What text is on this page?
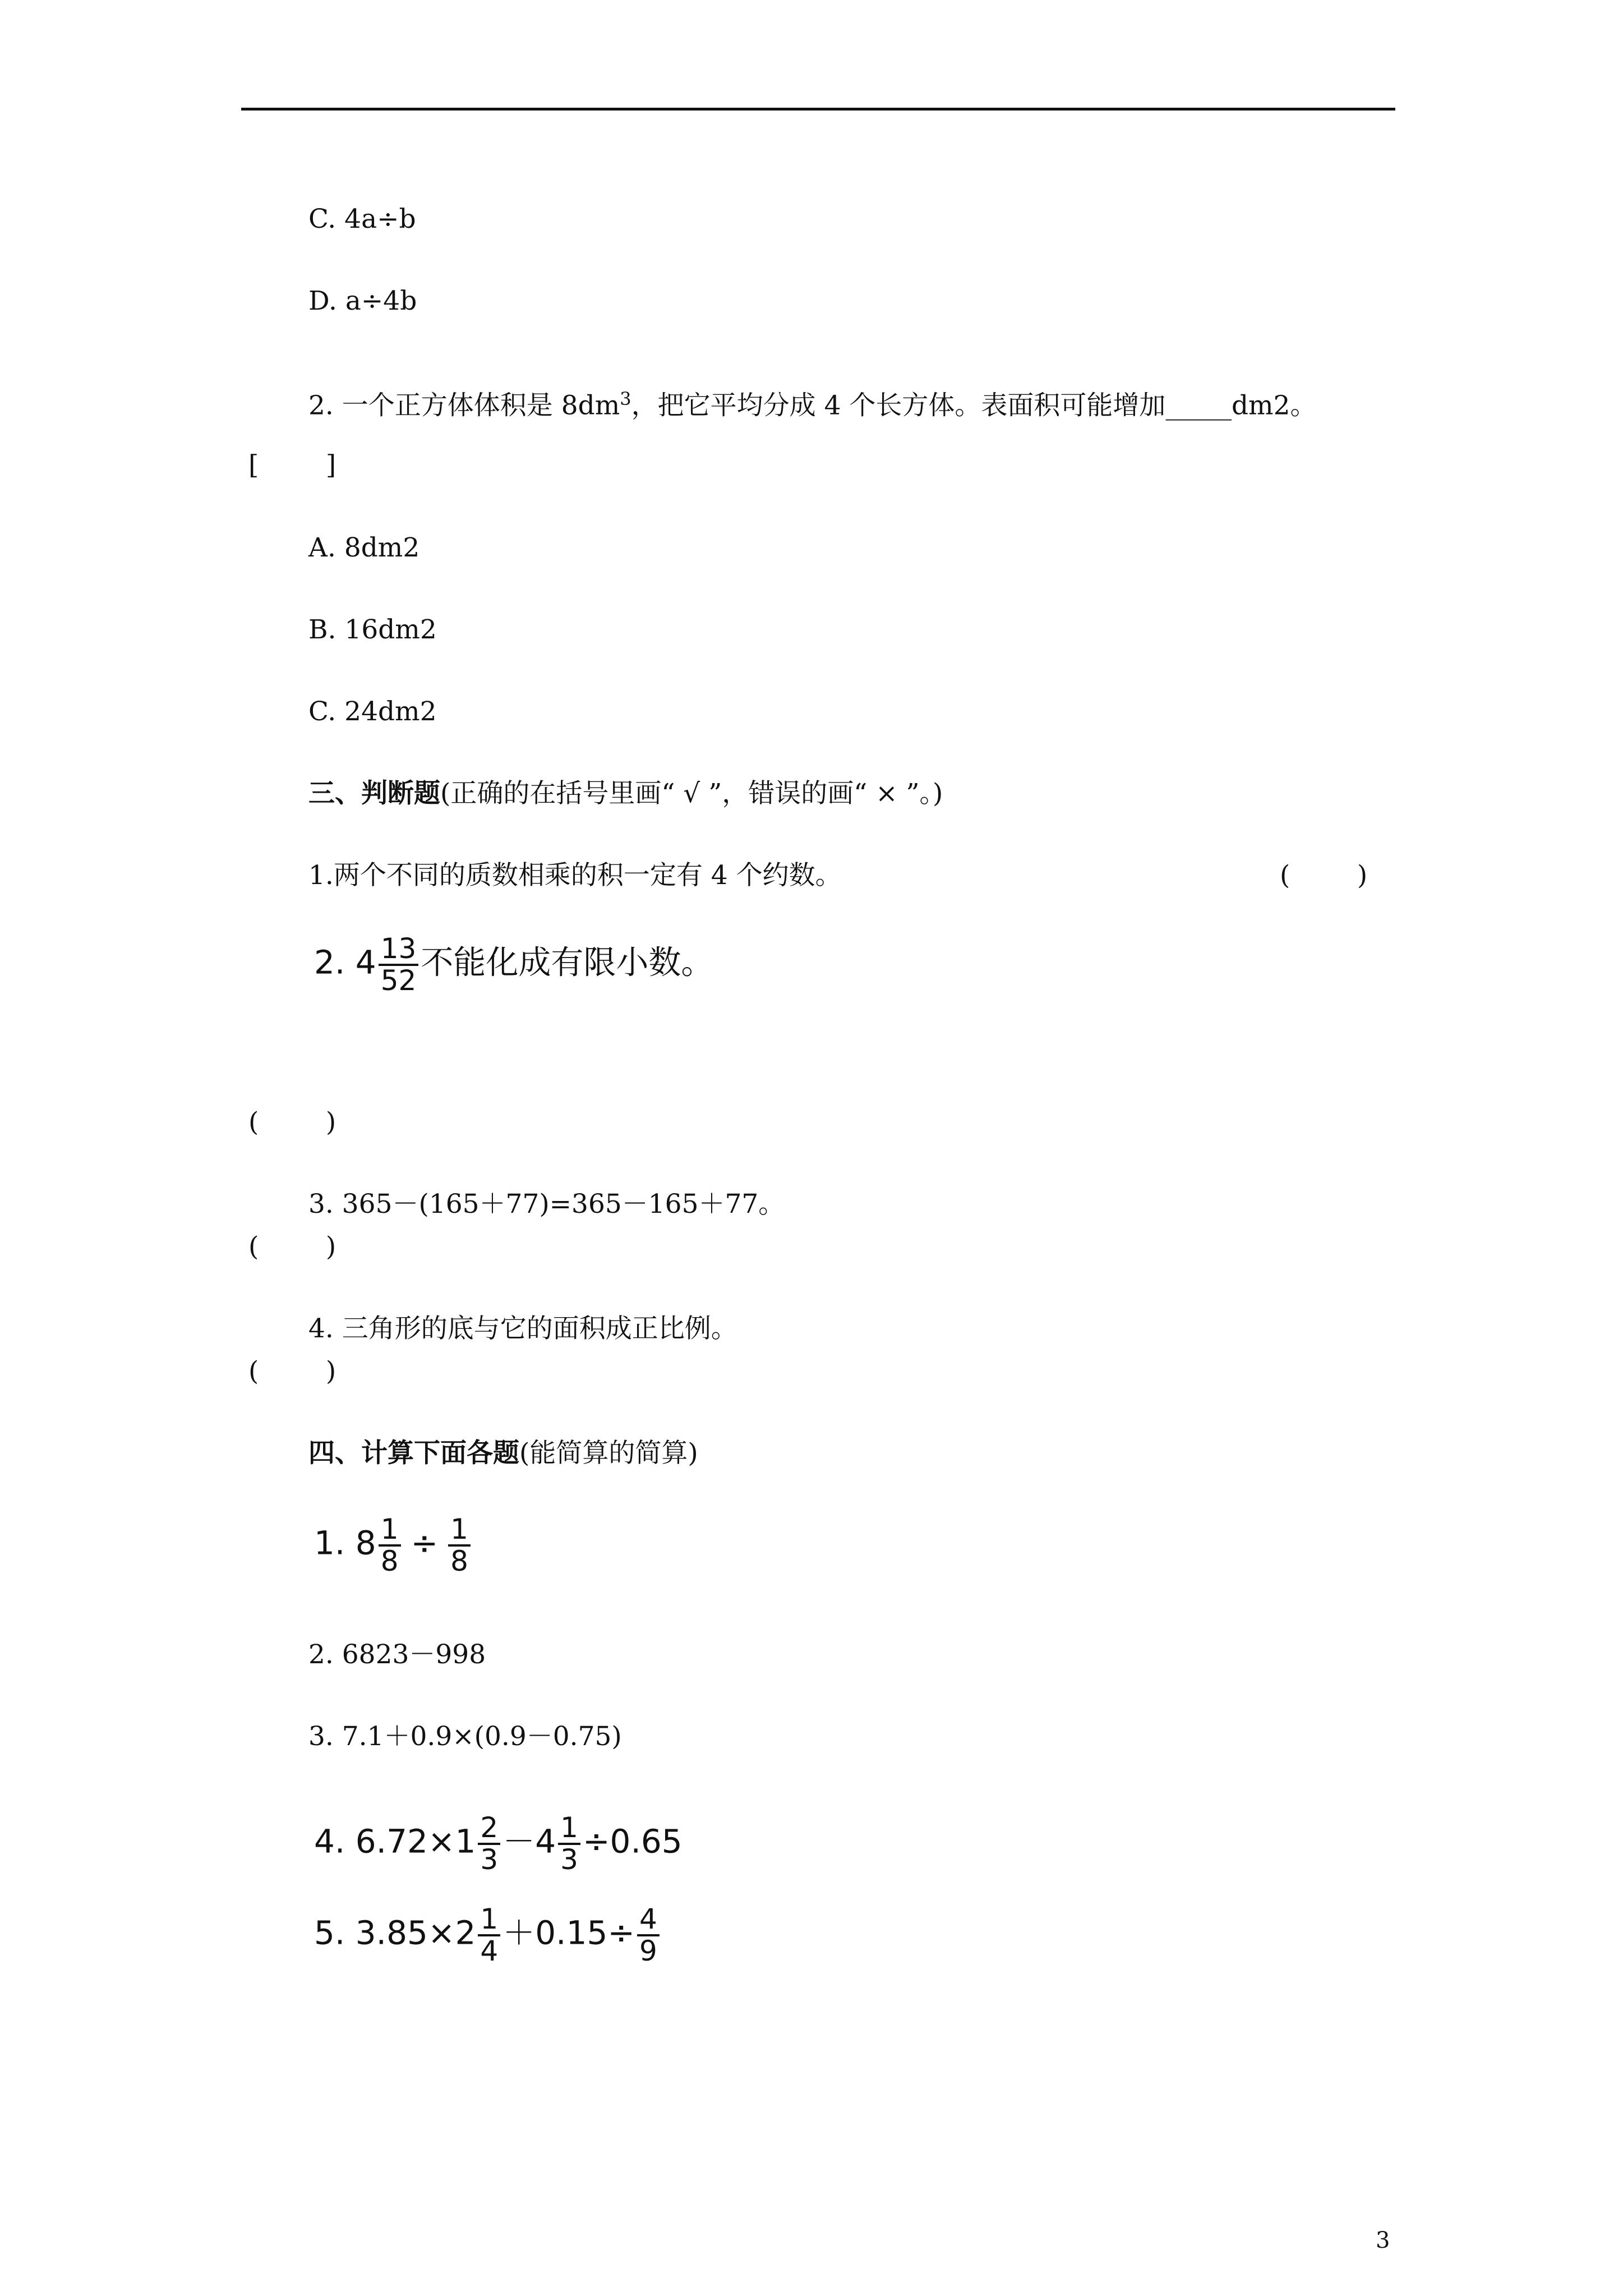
C. 4a÷b
D. a÷4b
2. 一个正方体体积是 $8dm^3$，把它平均分成 4 个长方体。表面积可能增加_____dm2。
[        ]
A. 8dm2
B. 16dm2
C. 24dm2
三、判断题(正确的在括号里画“ √ ”，错误的画“ × ”。)
1.两个不同的质数相乘的积一定有 4 个约数。	(        )
2. $4 \frac{13}{52}$ 不能化成有限小数。
(        )
3. 365－(165＋77)=365－165＋77。
(        )
4. 三角形的底与它的面积成正比例。
(        )
四、计算下面各题(能简算的简算)
1. $8 \frac{1}{8} \div \frac{1}{8}$
2. 6823－998
3. 7.1＋0.9×(0.9－0.75)
4. $6.72\times 1 \frac{2}{3} -4 \frac{1}{3} \div 0.65$
5. $3.85\times 2 \frac{1}{4} +0.15\div \frac{4}{9}$
3
